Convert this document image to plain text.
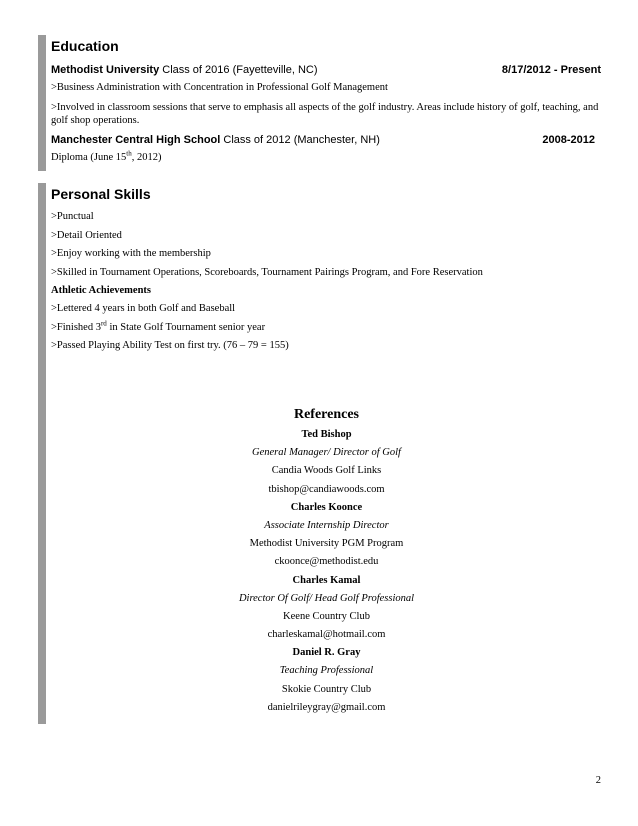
Education
Methodist University Class of 2016 (Fayetteville, NC)	8/17/2012 - Present
>Business Administration with Concentration in Professional Golf Management
>Involved in classroom sessions that serve to emphasis all aspects of the golf industry. Areas include history of golf, teaching, and golf shop operations.
Manchester Central High School Class of 2012 (Manchester, NH)	2008-2012
Diploma (June 15th, 2012)
Personal Skills
>Punctual
>Detail Oriented
>Enjoy working with the membership
>Skilled in Tournament Operations, Scoreboards, Tournament Pairings Program, and Fore Reservation
Athletic Achievements
>Lettered 4 years in both Golf and Baseball
>Finished 3rd in State Golf Tournament senior year
>Passed Playing Ability Test on first try. (76 – 79 = 155)
References
Ted Bishop
General Manager/ Director of Golf
Candia Woods Golf Links
tbishop@candiawoods.com
Charles Koonce
Associate Internship Director
Methodist University PGM Program
ckoonce@methodist.edu
Charles Kamal
Director Of Golf/ Head Golf Professional
Keene Country Club
charleskamal@hotmail.com
Daniel R. Gray
Teaching Professional
Skokie Country Club
danielrileygray@gmail.com
2
